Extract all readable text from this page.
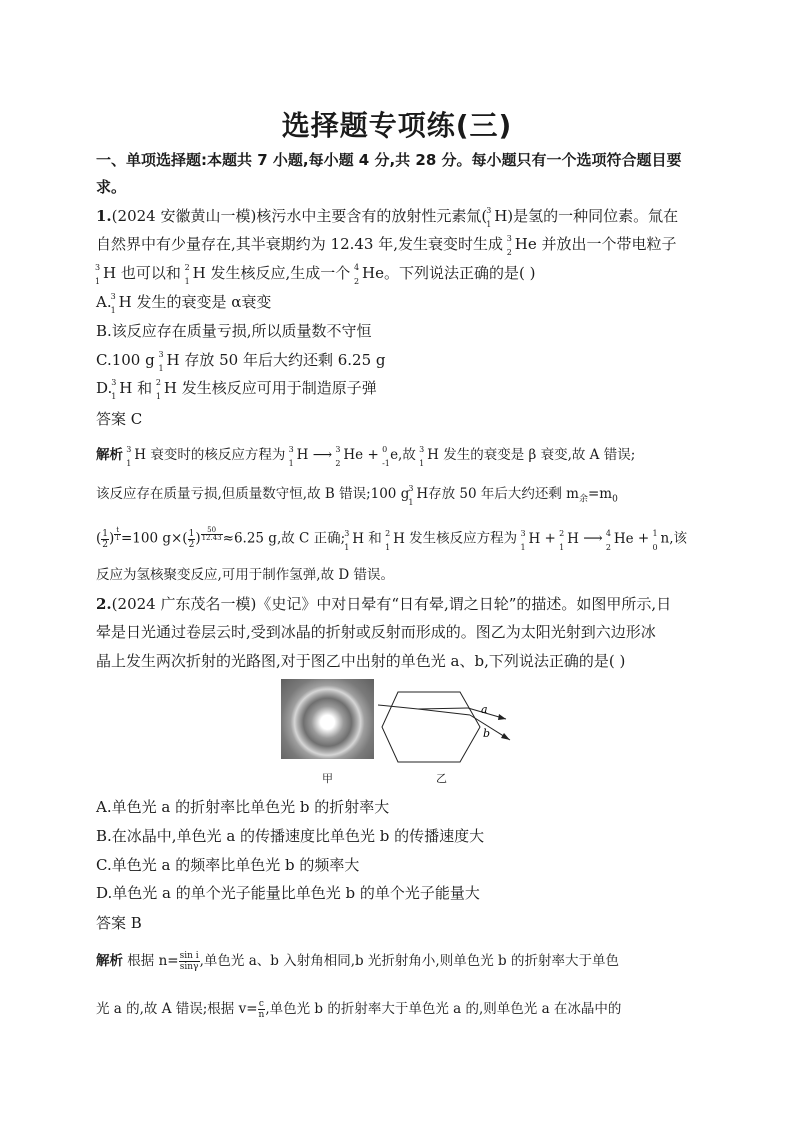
选择题专项练(三)
一、单项选择题:本题共 7 小题,每小题 4 分,共 28 分。每小题只有一个选项符合题目要
求。
1.(2024 安徽黄山一模)核污水中主要含有的放射性元素氚( 3
1 H)是氢的一种同位素。氚在
自然界中有少量存在,其半衰期约为 12.43 年,发生衰变时生成 3
2 He 并放出一个带电粒子
3
1 H 也可以和 2
1 H 发生核反应,生成一个 4
2 He。下列说法正确的是( )
A. 3
1 H 发生的衰变是 α衰变
B.该反应存在质量亏损,所以质量数不守恒
C.100 g 3
1 H 存放 50 年后大约还剩 6.25 g
D. 3
1 H 和 2
1 H 发生核反应可用于制造原子弹
答案 C
解析 3
1
H 衰变时的核反应方程为 3
1
H ⟶ 3
2
He + 0
-1
e,故 3
1
H 发生的衰变是 β 衰变,故 A 错误;
该反应存在质量亏损,但质量数守恒,故 B 错误;100 g 3
1
H存放 50 年后大约还剩 $m_余=m_0$
( $\frac{1}{2}$ ) $^{\frac{t}{T}}$ =100 $g\times( \frac{1}{2}$ ) $^{\frac{50}{12.43}}$ ≈6.25 g,故 C 正确; 3
1
H 和 2
1
H 发生核反应方程为 3
1
H + 2
1
H ⟶ 4
2
He + 1
0
n,该
反应为氢核聚变反应,可用于制作氢弹,故 D 错误。
2.(2024 广东茂名一模)《史记》中对日晕有“日有晕,谓之日轮”的描述。如图甲所示,日
晕是日光通过卷层云时,受到冰晶的折射或反射而形成的。图乙为太阳光射到六边形冰
晶上发生两次折射的光路图,对于图乙中出射的单色光 a、b,下列说法正确的是( )
a
b
甲	乙
A.单色光 a 的折射率比单色光 b 的折射率大
B.在冰晶中,单色光 a 的传播速度比单色光 b 的传播速度大
C.单色光 a 的频率比单色光 b 的频率大
D.单色光 a 的单个光子能量比单色光 b 的单个光子能量大
答案 B
解析 根据 $n= \frac{\text{sin i}}{\sin\gamma}$ ,单色光 a、b 入射角相同,b 光折射角小,则单色光 b 的折射率大于单色
光 a 的,故 A 错误;根据 $v= \frac{c}{n}$ ,单色光 b 的折射率大于单色光 a 的,则单色光 a 在冰晶中的
